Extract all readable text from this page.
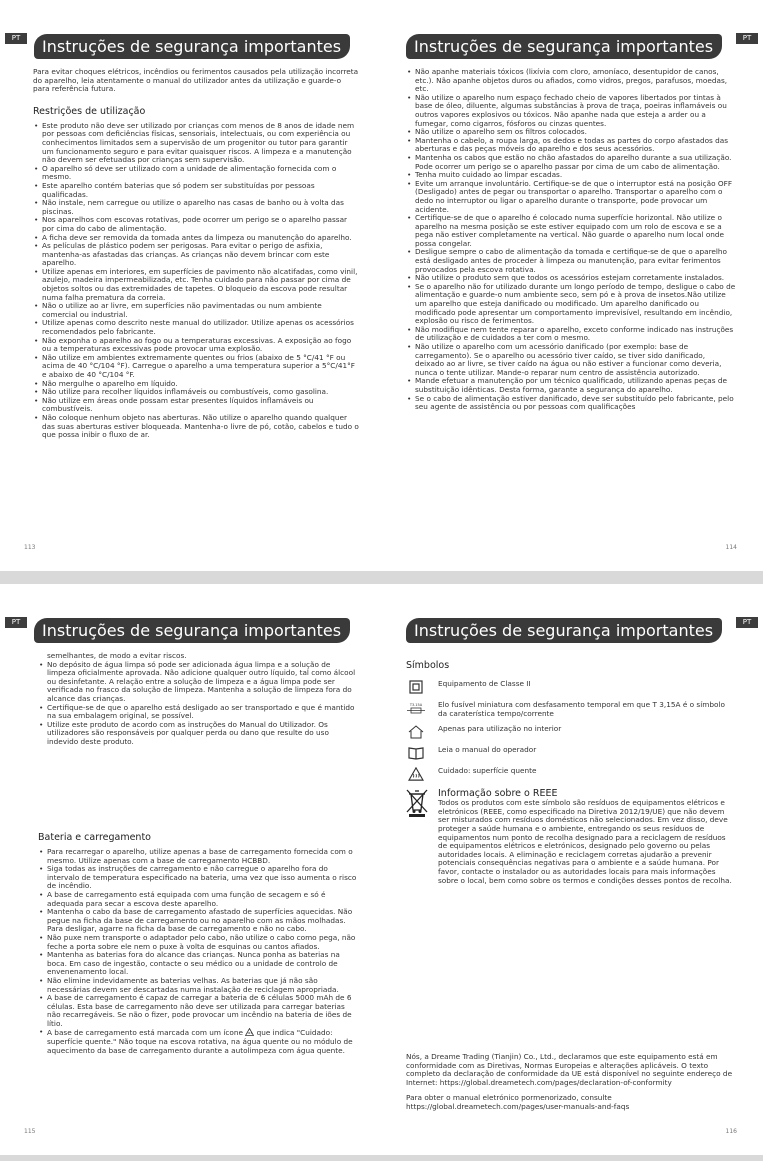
PT	Instruções de segurança importantes

Para evitar choques elétricos, incêndios ou ferimentos causados pela utilização incorreta do aparelho, leia atentamente o manual do utilizador antes da utilização e guarde-o para referência futura.

Restrições de utilização
• Este produto não deve ser utilizado por crianças com menos de 8 anos de idade nem por pessoas com deficiências físicas, sensoriais, intelectuais, ou com experiência ou conhecimentos limitados sem a supervisão de um progenitor ou tutor para garantir um funcionamento seguro e para evitar quaisquer riscos. A limpeza e a manutenção não devem ser efetuadas por crianças sem supervisão.
• O aparelho só deve ser utilizado com a unidade de alimentação fornecida com o mesmo.
• Este aparelho contém baterias que só podem ser substituídas por pessoas qualificadas.
• Não instale, nem carregue ou utilize o aparelho nas casas de banho ou à volta das piscinas.
• Nos aparelhos com escovas rotativas, pode ocorrer um perigo se o aparelho passar por cima do cabo de alimentação.
• A ficha deve ser removida da tomada antes da limpeza ou manutenção do aparelho.
• As películas de plástico podem ser perigosas. Para evitar o perigo de asfixia, mantenha-as afastadas das crianças. As crianças não devem brincar com este aparelho.
• Utilize apenas em interiores, em superfícies de pavimento não alcatifadas, como vinil, azulejo, madeira impermeabilizada, etc. Tenha cuidado para não passar por cima de objetos soltos ou das extremidades de tapetes. O bloqueio da escova pode resultar numa falha prematura da correia.
• Não o utilize ao ar livre, em superfícies não pavimentadas ou num ambiente comercial ou industrial.
• Utilize apenas como descrito neste manual do utilizador. Utilize apenas os acessórios recomendados pelo fabricante.
• Não exponha o aparelho ao fogo ou a temperaturas excessivas. A exposição ao fogo ou a temperaturas excessivas pode provocar uma explosão.
• Não utilize em ambientes extremamente quentes ou frios (abaixo de 5 °C/41 °F ou acima de 40 °C/104 °F). Carregue o aparelho a uma temperatura superior a 5°C/41°F e abaixo de 40 °C/104 °F.
• Não mergulhe o aparelho em líquido.
• Não utilize para recolher líquidos inflamáveis ou combustíveis, como gasolina.
• Não utilize em áreas onde possam estar presentes líquidos inflamáveis ou combustíveis.
• Não coloque nenhum objeto nas aberturas. Não utilize o aparelho quando qualquer das suas aberturas estiver bloqueada. Mantenha-o livre de pó, cotão, cabelos e tudo o que possa inibir o fluxo de ar.
113
PT
Instruções de segurança importantes
• Não apanhe materiais tóxicos (lixívia com cloro, amoníaco, desentupidor de canos, etc.). Não apanhe objetos duros ou afiados, como vidros, pregos, parafusos, moedas, etc.
• Não utilize o aparelho num espaço fechado cheio de vapores libertados por tintas à base de óleo, diluente, algumas substâncias à prova de traça, poeiras inflamáveis ou outros vapores explosivos ou tóxicos. Não apanhe nada que esteja a arder ou a fumegar, como cigarros, fósforos ou cinzas quentes.
• Não utilize o aparelho sem os filtros colocados.
• Mantenha o cabelo, a roupa larga, os dedos e todas as partes do corpo afastados das aberturas e das peças móveis do aparelho e dos seus acessórios.
• Mantenha os cabos que estão no chão afastados do aparelho durante a sua utilização. Pode ocorrer um perigo se o aparelho passar por cima de um cabo de alimentação.
• Tenha muito cuidado ao limpar escadas.
• Evite um arranque involuntário. Certifique-se de que o interruptor está na posição OFF (Desligado) antes de pegar ou transportar o aparelho. Transportar o aparelho com o dedo no interruptor ou ligar o aparelho durante o transporte, pode provocar um acidente.
• Certifique-se de que o aparelho é colocado numa superfície horizontal. Não utilize o aparelho na mesma posição se este estiver equipado com um rolo de escova e se a pega não estiver completamente na vertical. Não guarde o aparelho num local onde possa congelar.
• Desligue sempre o cabo de alimentação da tomada e certifique-se de que o aparelho está desligado antes de proceder à limpeza ou manutenção, para evitar ferimentos provocados pela escova rotativa.
• Não utilize o produto sem que todos os acessórios estejam corretamente instalados.
• Se o aparelho não for utilizado durante um longo período de tempo, desligue o cabo de alimentação e guarde-o num ambiente seco, sem pó e à prova de insetos.Não utilize um aparelho que esteja danificado ou modificado. Um aparelho danificado ou modificado pode apresentar um comportamento imprevisível, resultando em incêndio, explosão ou risco de ferimentos.
• Não modifique nem tente reparar o aparelho, exceto conforme indicado nas instruções de utilização e de cuidados a ter com o mesmo.
• Não utilize o aparelho com um acessório danificado (por exemplo: base de carregamento). Se o aparelho ou acessório tiver caído, se tiver sido danificado, deixado ao ar livre, se tiver caído na água ou não estiver a funcionar como deveria, nunca o tente utilizar. Mande-o reparar num centro de assistência autorizado.
• Mande efetuar a manutenção por um técnico qualificado, utilizando apenas peças de substituição idênticas. Desta forma, garante a segurança do aparelho.
• Se o cabo de alimentação estiver danificado, deve ser substituído pelo fabricante, pelo seu agente de assistência ou por pessoas com qualificações
114
PT	Instruções de segurança importantes
semelhantes, de modo a evitar riscos.
• No depósito de água limpa só pode ser adicionada água limpa e a solução de limpeza oficialmente aprovada. Não adicione qualquer outro líquido, tal como álcool ou desinfetante. A relação entre a solução de limpeza e a água limpa pode ser verificada no frasco da solução de limpeza. Mantenha a solução de limpeza fora do alcance das crianças.
• Certifique-se de que o aparelho está desligado ao ser transportado e que é mantido na sua embalagem original, se possível.
• Utilize este produto de acordo com as instruções do Manual do Utilizador. Os utilizadores são responsáveis por qualquer perda ou dano que resulte do uso indevido deste produto.
Bateria e carregamento
• Para recarregar o aparelho, utilize apenas a base de carregamento fornecida com o mesmo. Utilize apenas com a base de carregamento HCBBD.
• Siga todas as instruções de carregamento e não carregue o aparelho fora do intervalo de temperatura especificado na bateria, uma vez que isso aumenta o risco de incêndio.
• A base de carregamento está equipada com uma função de secagem e só é adequada para secar a escova deste aparelho.
• Mantenha o cabo da base de carregamento afastado de superfícies aquecidas. Não pegue na ficha da base de carregamento ou no aparelho com as mãos molhadas. Para desligar, agarre na ficha da base de carregamento e não no cabo.
• Não puxe nem transporte o adaptador pelo cabo, não utilize o cabo como pega, não feche a porta sobre ele nem o puxe à volta de esquinas ou cantos afiados.
• Mantenha as baterias fora do alcance das crianças. Nunca ponha as baterias na boca. Em caso de ingestão, contacte o seu médico ou a unidade de controlo de envenenamento local.
• Não elimine indevidamente as baterias velhas. As baterias que já não são necessárias devem ser descartadas numa instalação de reciclagem apropriada.
• A base de carregamento é capaz de carregar a bateria de 6 células 5000 mAh de 6 células. Esta base de carregamento não deve ser utilizada para carregar baterias não recarregáveis. Se não o fizer, pode provocar um incêndio na bateria de iões de lítio.
• A base de carregamento está marcada com um ícone  que indica "Cuidado: superfície quente." Não toque na escova rotativa, na água quente ou no módulo de aquecimento da base de carregamento durante a autolimpeza com água quente.
115
PT
Instruções de segurança importantes
Símbolos
Equipamento de Classe II
T3.15A Elo fusível miniatura com desfasamento temporal em que T 3,15A é o símbolo da caraterística tempo/corrente
Apenas para utilização no interior
Leia o manual do operador
Cuidado: superfície quente
Informação sobre o REEE
Todos os produtos com este símbolo são resíduos de equipamentos elétricos e eletrónicos (REEE, como especificado na Diretiva 2012/19/UE) que não devem ser misturados com resíduos domésticos não selecionados. Em vez disso, deve proteger a saúde humana e o ambiente, entregando os seus resíduos de equipamentos num ponto de recolha designado para a reciclagem de resíduos de equipamentos elétricos e eletrónicos, designado pelo governo ou pelas autoridades locais. A eliminação e reciclagem corretas ajudarão a prevenir potenciais consequências negativas para o ambiente e a saúde humana. Por favor, contacte o instalador ou as autoridades locais para mais informações sobre o local, bem como sobre os termos e condições desses pontos de recolha.

Nós, a Dreame Trading (Tianjin) Co., Ltd., declaramos que este equipamento está em conformidade com as Diretivas, Normas Europeias e alterações aplicáveis. O texto completo da declaração de conformidade da UE está disponível no seguinte endereço de Internet: https://global.dreametech.com/pages/declaration-of-conformity

Para obter o manual eletrónico pormenorizado, consulte https://global.dreametech.com/pages/user-manuals-and-faqs

116
